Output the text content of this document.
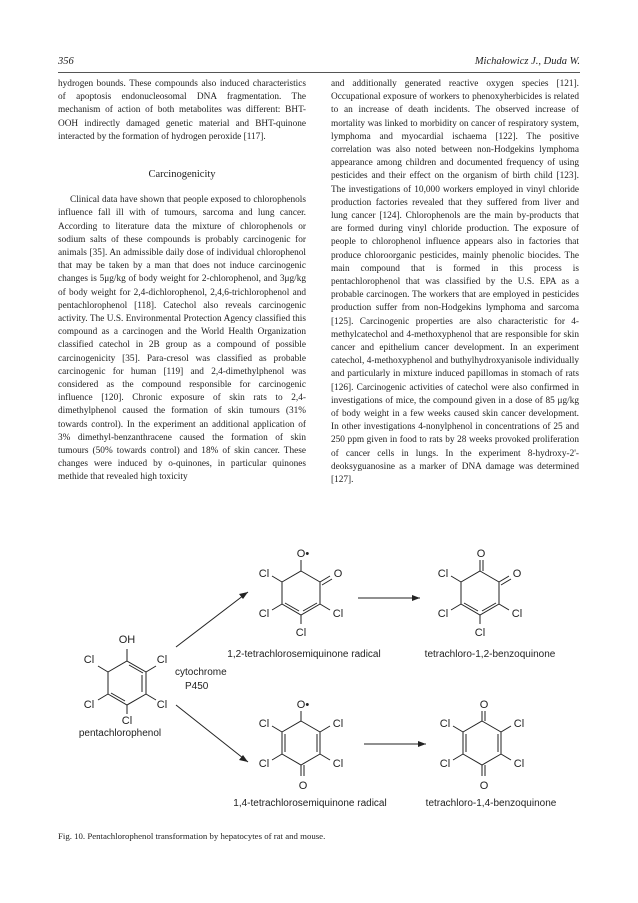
356	Michałowicz J., Duda W.

hydrogen bounds. These compounds also induced characteristics of apoptosis endonucleosomal DNA fragmentation. The mechanism of action of both metabolites was different: BHT-OOH indirectly damaged genetic material and BHT-quinone interacted by the formation of hydrogen peroxide [117].

Carcinogenicity

Clinical data have shown that people exposed to chlorophenols influence fall ill with of tumours, sarcoma and lung cancer. According to literature data the mixture of chlorophenols or sodium salts of these compounds is probably carcinogenic for animals [35]. An admissible daily dose of individual chlorophenol that may be taken by a man that does not induce carcinogenic changes is 5μg/kg of body weight for 2-chlorophenol, and 3μg/kg of body weight for 2,4-dichlorophenol, 2,4,6-trichlorophenol and pentachlorophenol [118]. Catechol also reveals carcinogenic activity. The U.S. Environmental Protection Agency classified this compound as a carcinogen and the World Health Organization classified catechol in 2B group as a compound of possible carcinogenicity [35]. Para-cresol was classified as probable carcinogenic for human [119] and 2,4-dimethylphenol was considered as the compound responsible for carcinogenic influence [120]. Chronic exposure of skin rats to 2,4-dimethylphenol caused the formation of skin tumours (31% towards control). In the experiment an additional application of 3% dimethyl-benzanthracene caused the formation of skin tumours (50% towards control) and 18% of skin cancer. These changes were induced by o-quinones, in particular quinones methide that revealed high toxicity

and additionally generated reactive oxygen species [121]. Occupational exposure of workers to phenoxyherbicides is related to an increase of death incidents. The observed increase of mortality was linked to morbidity on cancer of respiratory system, lymphoma and myocardial ischaema [122]. The positive correlation was also noted between non-Hodgekins lymphoma appearance among children and documented frequency of using pesticides and their effect on the organism of birth child [123]. The investigations of 10,000 workers employed in vinyl chloride production factories revealed that they suffered from liver and lung cancer [124]. Chlorophenols are the main by-products that are formed during vinyl chloride production. The exposure of people to chlorophenol influence appears also in factories that produce chloroorganic pesticides, mainly phenolic biocides. The main compound that is formed in this process is pentachlorophenol that was classified by the U.S. EPA as a probable carcinogen. The workers that are employed in pesticides production suffer from non-Hodgekins lymphoma and sarcoma [125]. Carcinogenic properties are also characteristic for 4-methylcatechol and 4-methoxyphenol that are responsible for skin cancer and epithelium cancer development. In an experiment catechol, 4-methoxyphenol and buthylhydroxyanisole individually and particularly in mixture induced papillomas in stomach of rats [126]. Carcinogenic activities of catechol were also confirmed in investigations of mice, the compound given in a dose of 85 μg/kg of body weight in a few weeks caused skin cancer development. In other investigations 4-nonylphenol in concentrations of 25 and 250 ppm given in food to rats by 28 weeks provoked proliferation of cancer cells in lungs. In the experiment 8-hydroxy-2'-deoksyguanosine as a marker of DNA damage was determined [127].

OH
Cl
Cl
Cl
Cl
Cl
O•
O
Cl
Cl
Cl
Cl
O
O
Cl
Cl
Cl
Cl
O•
Cl
Cl
O
Cl
Cl
O
Cl
Cl
O
Cl
Cl
pentachlorophenol
cytochrome
P450
1,2-tetrachlorosemiquinone radical	tetrachloro-1,2-benzoquinone
1,4-tetrachlorosemiquinone radical	tetrachloro-1,4-benzoquinone
Fig. 10. Pentachlorophenol transformation by hepatocytes of rat and mouse.
